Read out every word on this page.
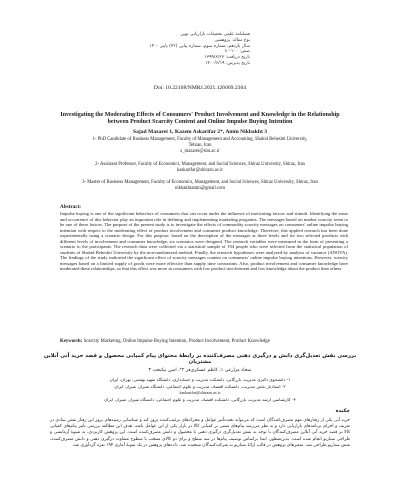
فصلنامه علمی تحقیقات بازاریابی نوین
نوع مقاله: پژوهشی
سال یازدهم، شماره سوم، شماره پیاپی (۴۲) پاییز ۱۴۰۰
صص: ۱۰۰-۸۰
تاریخ دریافت: ۱۳۹۹/۸/۲۷
تاریخ پذیرش: ۱۴۰۰/۶/۱۹
Doi: 10.22108/NMRJ.2021.126069.2304
Investigating the Moderating Effects of Consumers' Product Involvement and Knowledge in the Relationship between Product Scarcity Content and Online Impulse Buying Intention
Sajad Mazarei 1, Kazem Askarifar 2*, Amin Nikbakht 3
1- PhD Candidate of Business Management, Faculty of Management and Accounting, Shahid Beheshti University,
Tehran, Iran
s_mazarei@sbu.ac.ir
2- Assistant Professor, Faculty of Economics, Management, and Social Sciences, Shiraz University, Shiraz, Iran
kaskarifar@shirazu.ac.ir
3- Master of Business Management, Faculty of Economics, Management, and Social Sciences, Shiraz University, Shiraz, Iran
nikbakhtamin@gmail.com
Abstract:
Impulse buying is one of the significant behaviors of consumers that can occur under the influence of motivating factors and stimuli. Identifying the areas and occurrence of this behavior play an important role in defining and implementing marketing programs. The messages based on market scarcity seem to be one of these factors. The purpose of the present study is to investigate the effects of commodity scarcity messages on consumers' online impulse buying intention with respect to the moderating effect of product involvement and consumer product knowledge. Therefore, this applied research has been done experimentally using a scenario design. For this purpose, based on the description of the messages at three levels and for two selected products with different levels of involvement and consumer knowledge, six scenarios were designed. The research variables were measured in the form of presenting a scenario to the participants. The research data were collected via a statistical sample of 194 people who were selected from the statistical population of students of Shahid Beheshti University by the non-randomized method. Finally, the research hypotheses were analyzed by analysis of variance (ANOVA). The findings of the study indicated the significant effect of scarcity messages content on consumers' online impulse buying intentions. However, scarcity messages based on a limited supply of goods were more effective than supply time constraints. Also, product involvement and consumer knowledge have moderated these relationships, so that this effect was more in consumers with low product involvement and low knowledge about the product than others.
Keywords: Scarcity Marketing, Online Impulse Buying Intention, Product Involvement, Product Knowledge
بررسی نقش تعدیل‌گری دانش و درگیری ذهنی مصرف‌کننده بر رابطهٔ محتوای پیام کمیابی محصول و قصد خرید آنی آنلاین مشتریان
سجاد مزارعی ۱، کاظم عسکری‌فر ۲*، امین نیکبخت ۳
۱- دانشجوی دکتری مدیریت بازرگانی، دانشکده مدیریت و حسابداری، دانشگاه شهید بهشتی، تهران، ایران
۲- استادیار بخش مدیریت، دانشکده اقتصاد، مدیریت و علوم اجتماعی، دانشگاه شیراز، شیراز، ایران
kaskarifar@shirazu.ac.ir
۳- کارشناسی ارشد مدیریت بازرگانی، دانشکده اقتصاد، مدیریت و علوم اجتماعی، دانشگاه شیراز، شیراز، ایران
چکیده
خرید آنی یکی از رفتارهای مهم مصرف‌کنندگان است که می‌تواند تحت‌تأثیر عوامل و محرک‌های ترغیب‌کننده بروز کند و شناسایی زمینه‌های بروز این رفتار نقش بنیادی در تعریف و اجرای برنامه‌های بازاریابی دارد و به نظر می‌رسد پیام‌های مبتنی بر کمیابی کالا در بازار یکی از این عوامل باشد. هدف این مطالعه بررسی تأثیر پیام‌های کمیابی کالا بر قصد خرید آنی آنلاین مصرف‌کنندگان با توجه به نقش تعدیل‌گری درگیری ذهنی با محصول و دانش مصرف‌کننده است. این پژوهش کاربردی، به شیوهٔ آزمایشی و طراحی سناریو انجام شده است. بدین‌منظور، ابتدا براساس توصیف پیام‌ها در سه سطح و برای دو کالای منتخب با سطوح متفاوت درگیری ذهنی و دانش مصرف‌کننده، شش سناریو طراحی شد. متغیرهای پژوهش در قالب ارائهٔ سناریو به شرکت‌کنندگان سنجیده شد. داده‌های پژوهش در یک نمونهٔ آماری ۱۹۴ نفره گردآوری شد.
